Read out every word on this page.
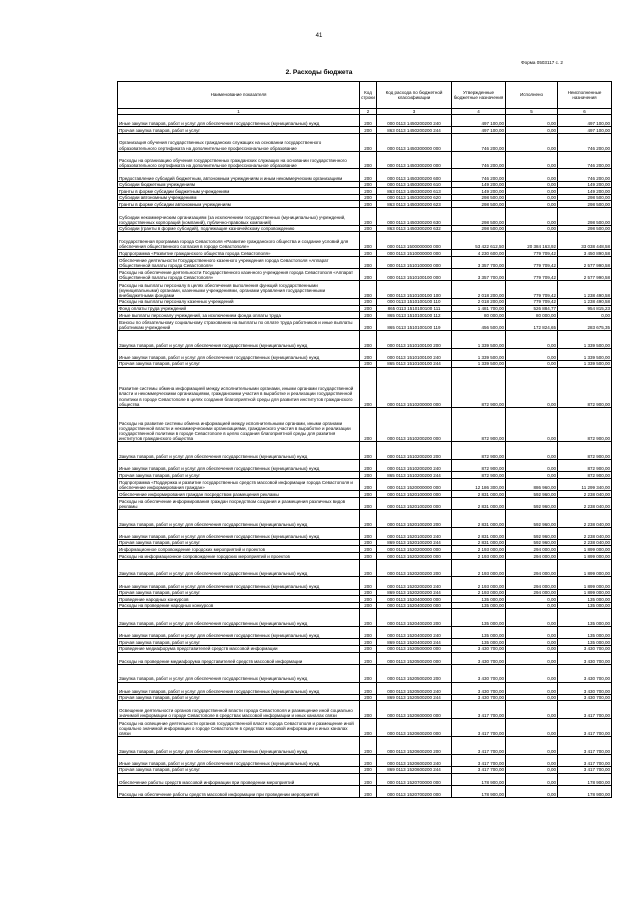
41
Форма 0503117 с. 2
2. Расходы бюджета
Наименование показателя	Код строки	Код расхода по бюджетной классификации	Утвержденные бюджетные назначения	Исполнено	Неисполненные назначения
1	2	3	4	5	6
Иные закупки товаров, работ и услуг для обеспечения государственных (муниципальных) нужд	200	000 0113 1450200200 240	497 100,00	0,00	497 100,00
Прочая закупка товаров, работ и услуг	200	863 0113 1450200200 244	497 100,00	0,00	497 100,00
Организация обучения государственных гражданских служащих на основании государственного образовательного сертификата на дополнительное профессиональное образование	200	000 0113 1450300000 000	746 200,00	0,00	746 200,00
Расходы на организацию обучения государственных гражданских служащих на основании государственного образовательного сертификата на дополнительное профессиональное образование	200	000 0113 1450300200 000	746 200,00	0,00	746 200,00
Предоставление субсидий бюджетным, автономным учреждениям и иным некоммерческим организациям	200	000 0113 1450300200 600	746 200,00	0,00	746 200,00
Субсидии бюджетным учреждениям	200	000 0113 1450300200 610	149 200,00	0,00	149 200,00
Гранты в форме субсидии бюджетным учреждениям	200	863 0113 1450300200 613	149 200,00	0,00	149 200,00
Субсидии автономным учреждениям	200	000 0113 1450300200 620	298 500,00	0,00	298 500,00
Гранты в форме субсидии автономным учреждениям	200	863 0113 1450300200 623	298 500,00	0,00	298 500,00
Субсидии некоммерческим организациям (за исключением государственных (муниципальных) учреждений, государственных корпораций (компаний), публично-правовых компаний)	200	000 0113 1450300200 630	298 500,00	0,00	298 500,00
Субсидии (гранты в форме субсидий), подлежащие казначейскому сопровождению	200	863 0113 1450300200 632	298 500,00	0,00	298 500,00
Государственная программа города Севастополя «Развитие гражданского общества и создание условий для обеспечения общественного согласия в городе Севастополе»	200	000 0113 1500000000 000	53 422 612,50	20 384 163,92	33 038 448,58
Подпрограмма «Развитие гражданского общества города Севастополя»	200	000 0113 1510000000 000	4 230 600,00	779 709,42	3 450 890,58
Обеспечение деятельности Государственного казенного учреждения города Севастополя «Аппарат Общественной палаты города Севастополя»	200	000 0113 1510100000 000	3 357 700,00	779 709,42	2 577 990,58
Расходы на обеспечение деятельности Государственного казенного учреждения города Севастополя «Аппарат Общественной палаты города Севастополя»	200	000 0113 1510100100 000	3 357 700,00	779 709,42	2 577 990,58
Расходы на выплаты персоналу в целях обеспечения выполнения функций государственными (муниципальными) органами, казенными учреждениями, органами управления государственными внебюджетными фондами	200	000 0113 1510100100 100	2 018 200,00	779 709,42	1 238 490,58
Расходы на выплаты персоналу казенных учреждений	200	000 0113 1510100100 110	2 018 200,00	779 709,42	1 238 490,58
Фонд оплаты труда учреждений	200	865 0113 1510100100 111	1 481 700,00	526 884,77	954 815,23
Иные выплаты персоналу учреждений, за исключением фонда оплаты труда	200	865 0113 1510100100 112	80 000,00	80 000,00	0,00
Взносы по обязательному социальному страхованию на выплаты по оплате труда работников и иные выплаты работникам учреждений	200	865 0113 1510100100 119	456 500,00	172 824,65	283 675,35
Закупка товаров, работ и услуг для обеспечения государственных (муниципальных) нужд	200	000 0113 1510100100 200	1 339 500,00	0,00	1 339 500,00
Иные закупки товаров, работ и услуг для обеспечения государственных (муниципальных) нужд	200	000 0113 1510100100 240	1 339 500,00	0,00	1 339 500,00
Прочая закупка товаров, работ и услуг	200	865 0113 1510100100 244	1 339 500,00	0,00	1 339 500,00
Развитие системы обмена информацией между исполнительными органами, иными органами государственной власти и некоммерческими организациями, гражданскими участия в выработке и реализации государственной политики в городе Севастополе в целях создания благоприятной среды для развития институтов гражданского общества	200	000 0113 1510200000 000	872 900,00	0,00	872 900,00
Расходы на развитие системы обмена информацией между исполнительными органами, иными органами государственной власти и некоммерческими организациями, гражданского участия в выработке и реализации государственной политики в городе Севастополе в целях создания благоприятной среды для развития институтов гражданского общества	200	000 0113 1510200200 000	872 900,00	0,00	872 900,00
Закупка товаров, работ и услуг для обеспечения государственных (муниципальных) нужд	200	000 0113 1510200200 200	872 900,00	0,00	872 900,00
Иные закупки товаров, работ и услуг для обеспечения государственных (муниципальных) нужд	200	000 0113 1510200200 240	872 900,00	0,00	872 900,00
Прочая закупка товаров, работ и услуг	200	865 0113 1510200200 244	872 900,00	0,00	872 900,00
Подпрограмма «Поддержка и развитие государственных средств массовой информации города Севастополя и обеспечение информирования граждан»	200	000 0113 1520000000 000	12 186 300,00	886 960,00	11 299 340,00
Обеспечение информирования граждан посредством размещения рекламы	200	000 0113 1520100000 000	2 831 000,00	592 960,00	2 238 040,00
Расходы на обеспечение информирования граждан посредством создания и размещения различных видов рекламы	200	000 0113 1520100200 000	2 831 000,00	592 960,00	2 238 040,00
Закупка товаров, работ и услуг для обеспечения государственных (муниципальных) нужд	200	000 0113 1520100200 200	2 831 000,00	592 960,00	2 238 040,00
Иные закупки товаров, работ и услуг для обеспечения государственных (муниципальных) нужд	200	000 0113 1520100200 240	2 831 000,00	592 960,00	2 238 040,00
Прочая закупка товаров, работ и услуг	200	869 0113 1520100200 244	2 831 000,00	592 960,00	2 238 040,00
Информационное сопровождение городских мероприятий и проектов	200	000 0113 1520200000 000	2 193 000,00	294 000,00	1 899 000,00
Расходы на информационное сопровождение городских мероприятий и проектов	200	000 0113 1520200200 000	2 193 000,00	294 000,00	1 899 000,00
Закупка товаров, работ и услуг для обеспечения государственных (муниципальных) нужд	200	000 0113 1520200200 200	2 193 000,00	294 000,00	1 899 000,00
Иные закупки товаров, работ и услуг для обеспечения государственных (муниципальных) нужд	200	000 0113 1520200200 240	2 193 000,00	294 000,00	1 899 000,00
Прочая закупка товаров, работ и услуг	200	869 0113 1520200200 244	2 193 000,00	294 000,00	1 899 000,00
Проведение народных конкурсов	200	000 0113 1520400000 000	135 000,00	0,00	135 000,00
Расходы на проведение народных конкурсов	200	000 0113 1520400200 000	135 000,00	0,00	135 000,00
Закупка товаров, работ и услуг для обеспечения государственных (муниципальных) нужд	200	000 0113 1520400200 200	135 000,00	0,00	135 000,00
Иные закупки товаров, работ и услуг для обеспечения государственных (муниципальных) нужд	200	000 0113 1520400200 240	135 000,00	0,00	135 000,00
Прочая закупка товаров, работ и услуг	200	869 0113 1520400200 244	135 000,00	0,00	135 000,00
Проведение медиафорума представителей средств массовой информации	200	000 0113 1520500000 000	3 430 700,00	0,00	3 430 700,00
Расходы на проведение медиафорума представителей средств массовой информации	200	000 0113 1520500200 000	3 430 700,00	0,00	3 430 700,00
Закупка товаров, работ и услуг для обеспечения государственных (муниципальных) нужд	200	000 0113 1520500200 200	3 430 700,00	0,00	3 430 700,00
Иные закупки товаров, работ и услуг для обеспечения государственных (муниципальных) нужд	200	000 0113 1520500200 240	3 430 700,00	0,00	3 430 700,00
Прочая закупка товаров, работ и услуг	200	869 0113 1520500200 244	3 430 700,00	0,00	3 430 700,00
Освещение деятельности органов государственной власти города Севастополя и размещение иной социально значимой информации о городе Севастополе в средствах массовой информации и иных каналах связи	200	000 0113 1520600000 000	3 417 700,00	0,00	3 417 700,00
Расходы на освещение деятельности органов государственной власти города Севастополя и размещение иной социально значимой информации о городе Севастополе в средствах массовой информации и иных каналах связи	200	000 0113 1520600200 000	3 417 700,00	0,00	3 417 700,00
Закупка товаров, работ и услуг для обеспечения государственных (муниципальных) нужд	200	000 0113 1520600200 200	3 417 700,00	0,00	3 417 700,00
Иные закупки товаров, работ и услуг для обеспечения государственных (муниципальных) нужд	200	000 0113 1520600200 240	3 417 700,00	0,00	3 417 700,00
Прочая закупка товаров, работ и услуг	200	869 0113 1520600200 244	3 417 700,00	0,00	3 417 700,00
Обеспечение работы средств массовой информации при проведении мероприятий	200	000 0113 1520700000 000	178 900,00	0,00	178 900,00
Расходы на обеспечение работы средств массовой информации при проведении мероприятий	200	000 0113 1520700200 000	178 900,00	0,00	178 900,00
